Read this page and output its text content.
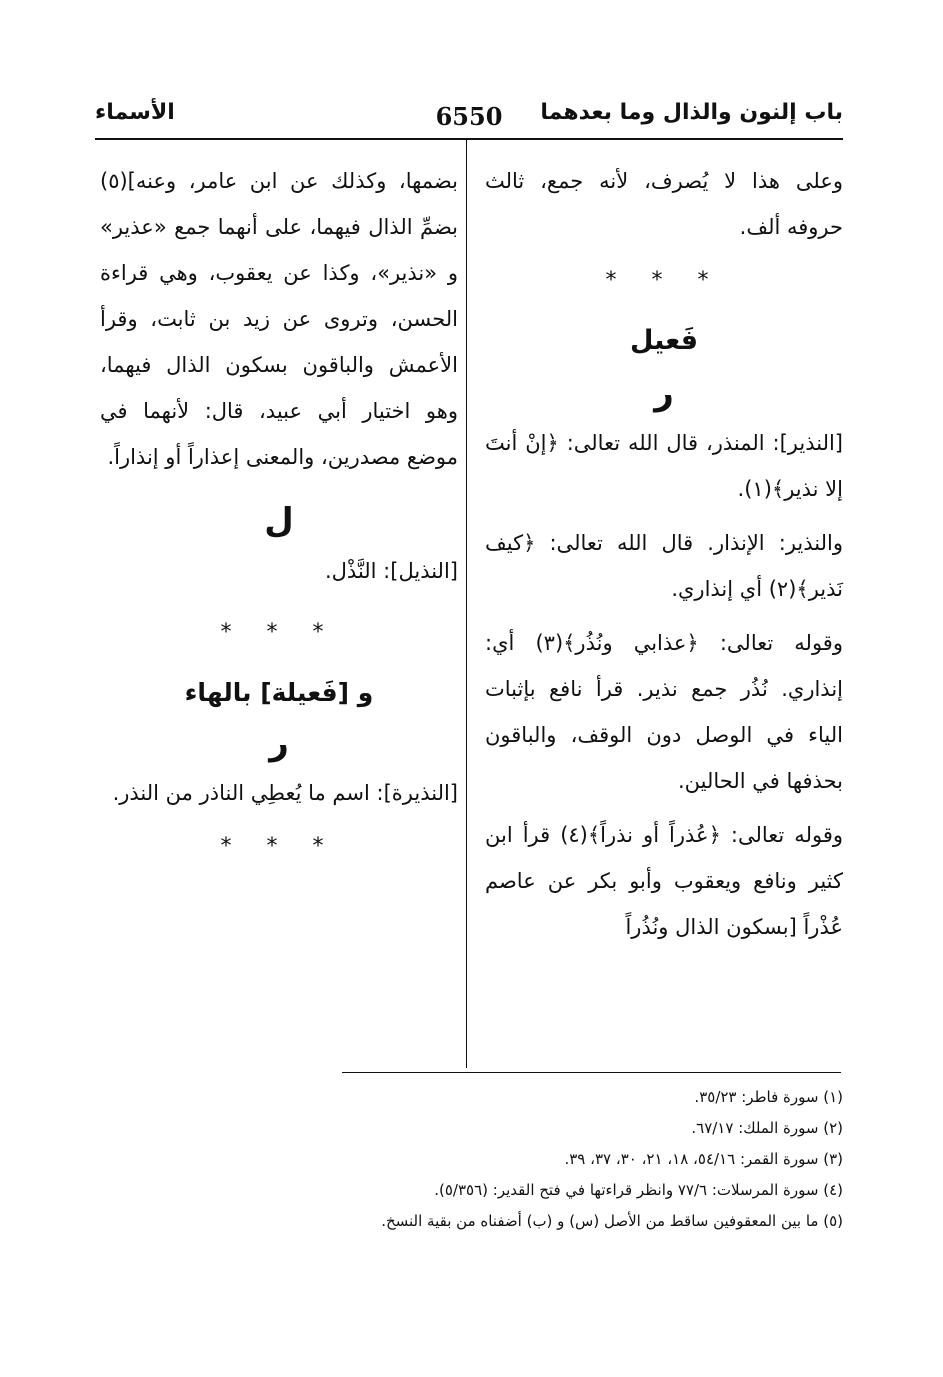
باب إلنون والذال وما بعدهما
6550
الأسماء

وعلى هذا لا يُصرف، لأنه جمع، ثالث حروفه ألف.

* * *
فَعيل
ر

[النذير]: المنذر، قال الله تعالى: ﴿إنْ أنتَ إلا نذير﴾(١).

والنذير: الإنذار. قال الله تعالى: ﴿كيف نَذير﴾(٢) أي إنذاري.

وقوله تعالى: ﴿عذابي ونُذُر﴾(٣) أي: إنذاري. نُذُر جمع نذير. قرأ نافع بإثبات الياء في الوصل دون الوقف، والباقون بحذفها في الحالين.

وقوله تعالى: ﴿عُذراً أو نذراً﴾(٤) قرأ ابن كثير ونافع ويعقوب وأبو بكر عن عاصم عُذْراً [بسكون الذال ونُذُراً

بضمها، وكذلك عن ابن عامر، وعنه](٥) بضمِّ الذال فيهما، على أنهما جمع «عذير» و «نذير»، وكذا عن يعقوب، وهي قراءة الحسن، وتروى عن زيد بن ثابت، وقرأ الأعمش والباقون بسكون الذال فيهما، وهو اختيار أبي عبيد، قال: لأنهما في موضع مصدرين، والمعنى إعذاراً أو إنذاراً.

ل

[النذيل]: النَّذْل.

* * *
و [فَعيلة] بالهاء
ر

[النذيرة]: اسم ما يُعطِي الناذر من النذر.

* * *

(١) سورة فاطر: ٣٥/٢٣.

(٢) سورة الملك: ٦٧/١٧.

(٣) سورة القمر: ٥٤/١٦، ١٨، ٢١، ٣٠، ٣٧، ٣٩.

(٤) سورة المرسلات: ٧٧/٦ وانظر قراءتها في فتح القدير: (٥/٣٥٦).

(٥) ما بين المعقوفين ساقط من الأصل (س) و (ب) أضفناه من بقية النسخ.
